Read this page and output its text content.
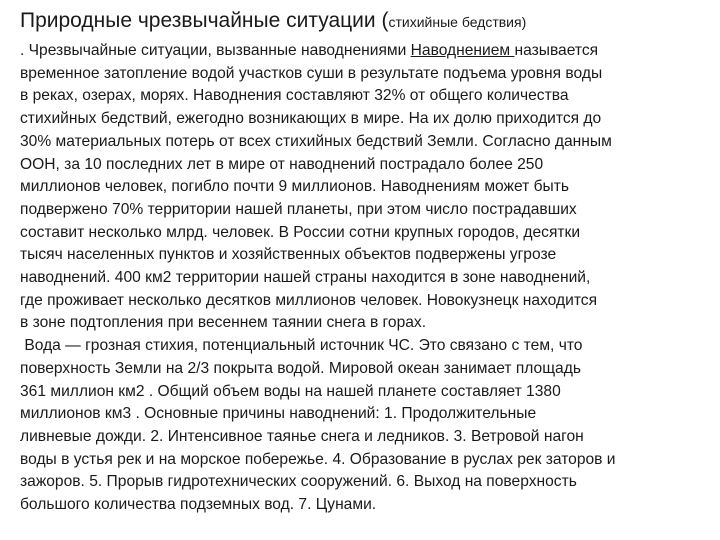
Природные чрезвычайные ситуации (стихийные бедствия)
. Чрезвычайные ситуации, вызванные наводнениями Наводнением называется
временное затопление водой участков суши в результате подъема уровня воды
в реках, озерах, морях. Наводнения составляют 32% от общего количества
стихийных бедствий, ежегодно возникающих в мире. На их долю приходится до
30% материальных потерь от всех стихийных бедствий Земли. Согласно данным
ООН, за 10 последних лет в мире от наводнений пострадало более 250
миллионов человек, погибло почти 9 миллионов. Наводнениям может быть
подвержено 70% территории нашей планеты, при этом число пострадавших
составит несколько млрд. человек. В России сотни крупных городов, десятки
тысяч населенных пунктов и хозяйственных объектов подвержены угрозе
наводнений. 400 км2 территории нашей страны находится в зоне наводнений,
где проживает несколько десятков миллионов человек. Новокузнецк находится
в зоне подтопления при весеннем таянии снега в горах.
Вода — грозная стихия, потенциальный источник ЧС. Это связано с тем, что
поверхность Земли на 2/3 покрыта водой. Мировой океан занимает площадь
361 миллион км2 . Общий объем воды на нашей планете составляет 1380
миллионов км3 . Основные причины наводнений: 1. Продолжительные
ливневые дожди. 2. Интенсивное таянье снега и ледников. 3. Ветровой нагон
воды в устья рек и на морское побережье. 4. Образование в руслах рек заторов и
зажоров. 5. Прорыв гидротехнических сооружений. 6. Выход на поверхность
большого количества подземных вод. 7. Цунами.
